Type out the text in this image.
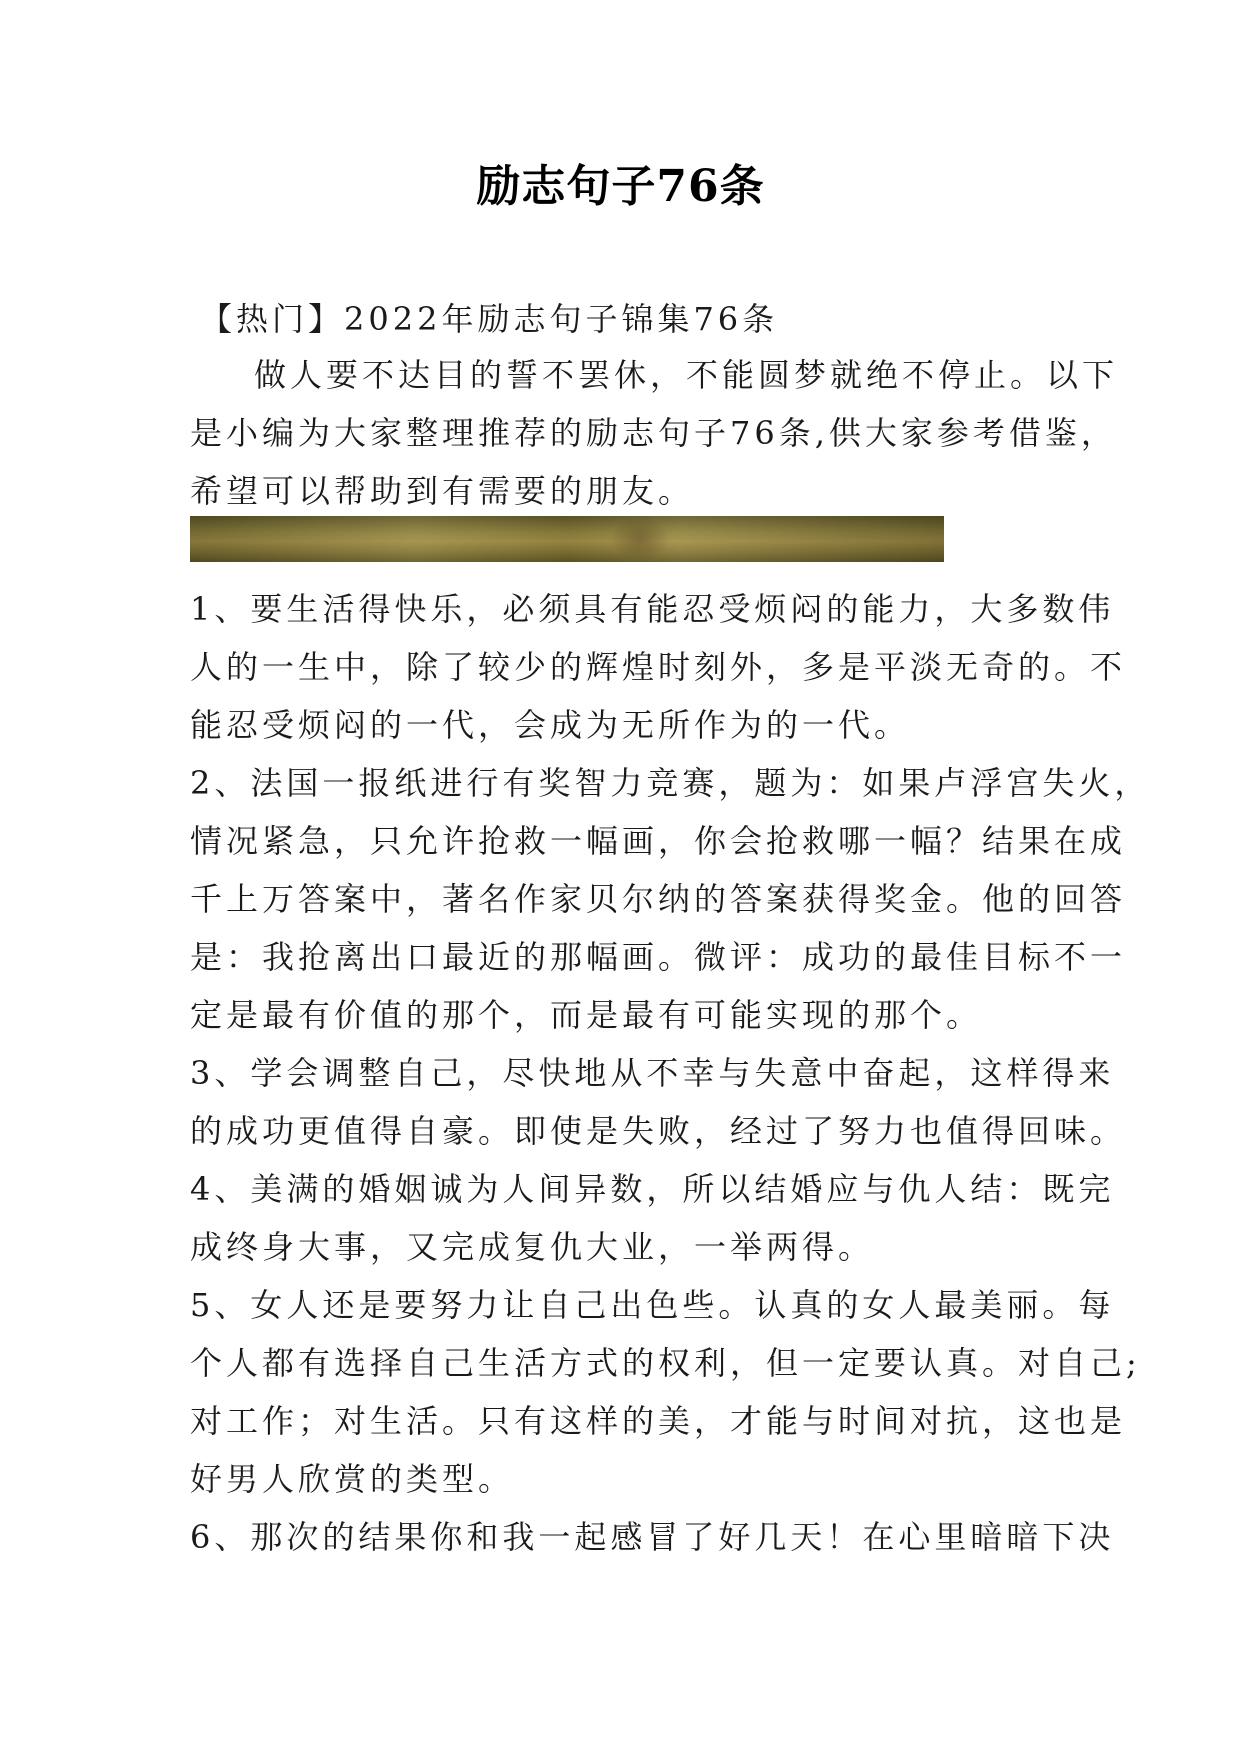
励志句子76条

【热门】2022年励志句子锦集76条

做人要不达目的誓不罢休，不能圆梦就绝不停止。以下
是小编为大家整理推荐的励志句子76条,供大家参考借鉴，
希望可以帮助到有需要的朋友。
1、要生活得快乐，必须具有能忍受烦闷的能力，大多数伟
人的一生中，除了较少的辉煌时刻外，多是平淡无奇的。不
能忍受烦闷的一代，会成为无所作为的一代。
2、法国一报纸进行有奖智力竞赛，题为：如果卢浮宫失火，
情况紧急，只允许抢救一幅画，你会抢救哪一幅？结果在成
千上万答案中，著名作家贝尔纳的答案获得奖金。他的回答
是：我抢离出口最近的那幅画。微评：成功的最佳目标不一
定是最有价值的那个，而是最有可能实现的那个。
3、学会调整自己，尽快地从不幸与失意中奋起，这样得来
的成功更值得自豪。即使是失败，经过了努力也值得回味。
4、美满的婚姻诚为人间异数，所以结婚应与仇人结：既完
成终身大事，又完成复仇大业，一举两得。
5、女人还是要努力让自己出色些。认真的女人最美丽。每
个人都有选择自己生活方式的权利，但一定要认真。对自己;
对工作；对生活。只有这样的美，才能与时间对抗，这也是
好男人欣赏的类型。
6、那次的结果你和我一起感冒了好几天！在心里暗暗下决
